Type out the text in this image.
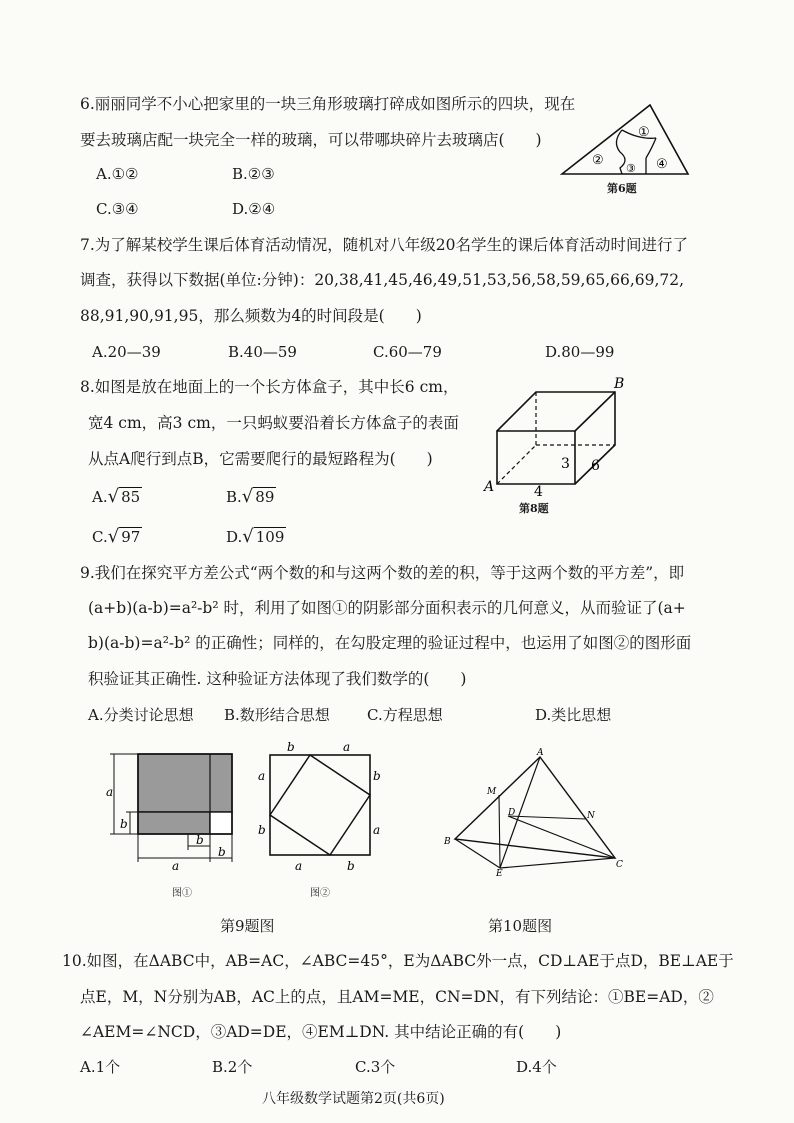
6.丽丽同学不小心把家里的一块三角形玻璃打碎成如图所示的四块，现在
要去玻璃店配一块完全一样的玻璃，可以带哪块碎片去玻璃店(　　)
A.①②	B.②③
C.③④	D.②④
①
②
③ ④
第6题
7.为了解某校学生课后体育活动情况，随机对八年级20名学生的课后体育活动时间进行了
调查，获得以下数据(单位:分钟)：20,38,41,45,46,49,51,53,56,58,59,65,66,69,72,
88,91,90,91,95，那么频数为4的时间段是(　　)
A.20—39	B.40—59	C.60—79	D.80—99
8.如图是放在地面上的一个长方体盒子，其中长6 cm，
宽4 cm，高3 cm，一只蚂蚁要沿着长方体盒子的表面
从点A爬行到点B，它需要爬行的最短路程为(　　)
A.√ 85	B.√ 89
C.√ 97	D.√ 109
A
B
3 6
4
第8题
9.我们在探究平方差公式“两个数的和与这两个数的差的积，等于这两个数的平方差”，即
(a+b)(a-b)=a²-b² 时，利用了如图①的阴影部分面积表示的几何意义，从而验证了(a+
b)(a-b)=a²-b² 的正确性；同样的，在勾股定理的验证过程中，也运用了如图②的图形面
积验证其正确性. 这种验证方法体现了我们数学的(　　)
A.分类讨论思想 B.数形结合思想 C.方程思想	D.类比思想
a
b
a
b
b
图①
b	a
a
b
b
a
a	b
图②
第9题图
A
B
C
D
E
M
N
第10题图
10.如图，在ΔABC中，AB=AC，∠ABC=45°，E为ΔABC外一点，CD⊥AE于点D，BE⊥AE于
点E，M，N分别为AB，AC上的点，且AM=ME，CN=DN，有下列结论：①BE=AD，②
∠AEM=∠NCD，③AD=DE，④EM⊥DN. 其中结论正确的有(　　)
A.1个	B.2个	C.3个	D.4个
八年级数学试题第2页(共6页)
